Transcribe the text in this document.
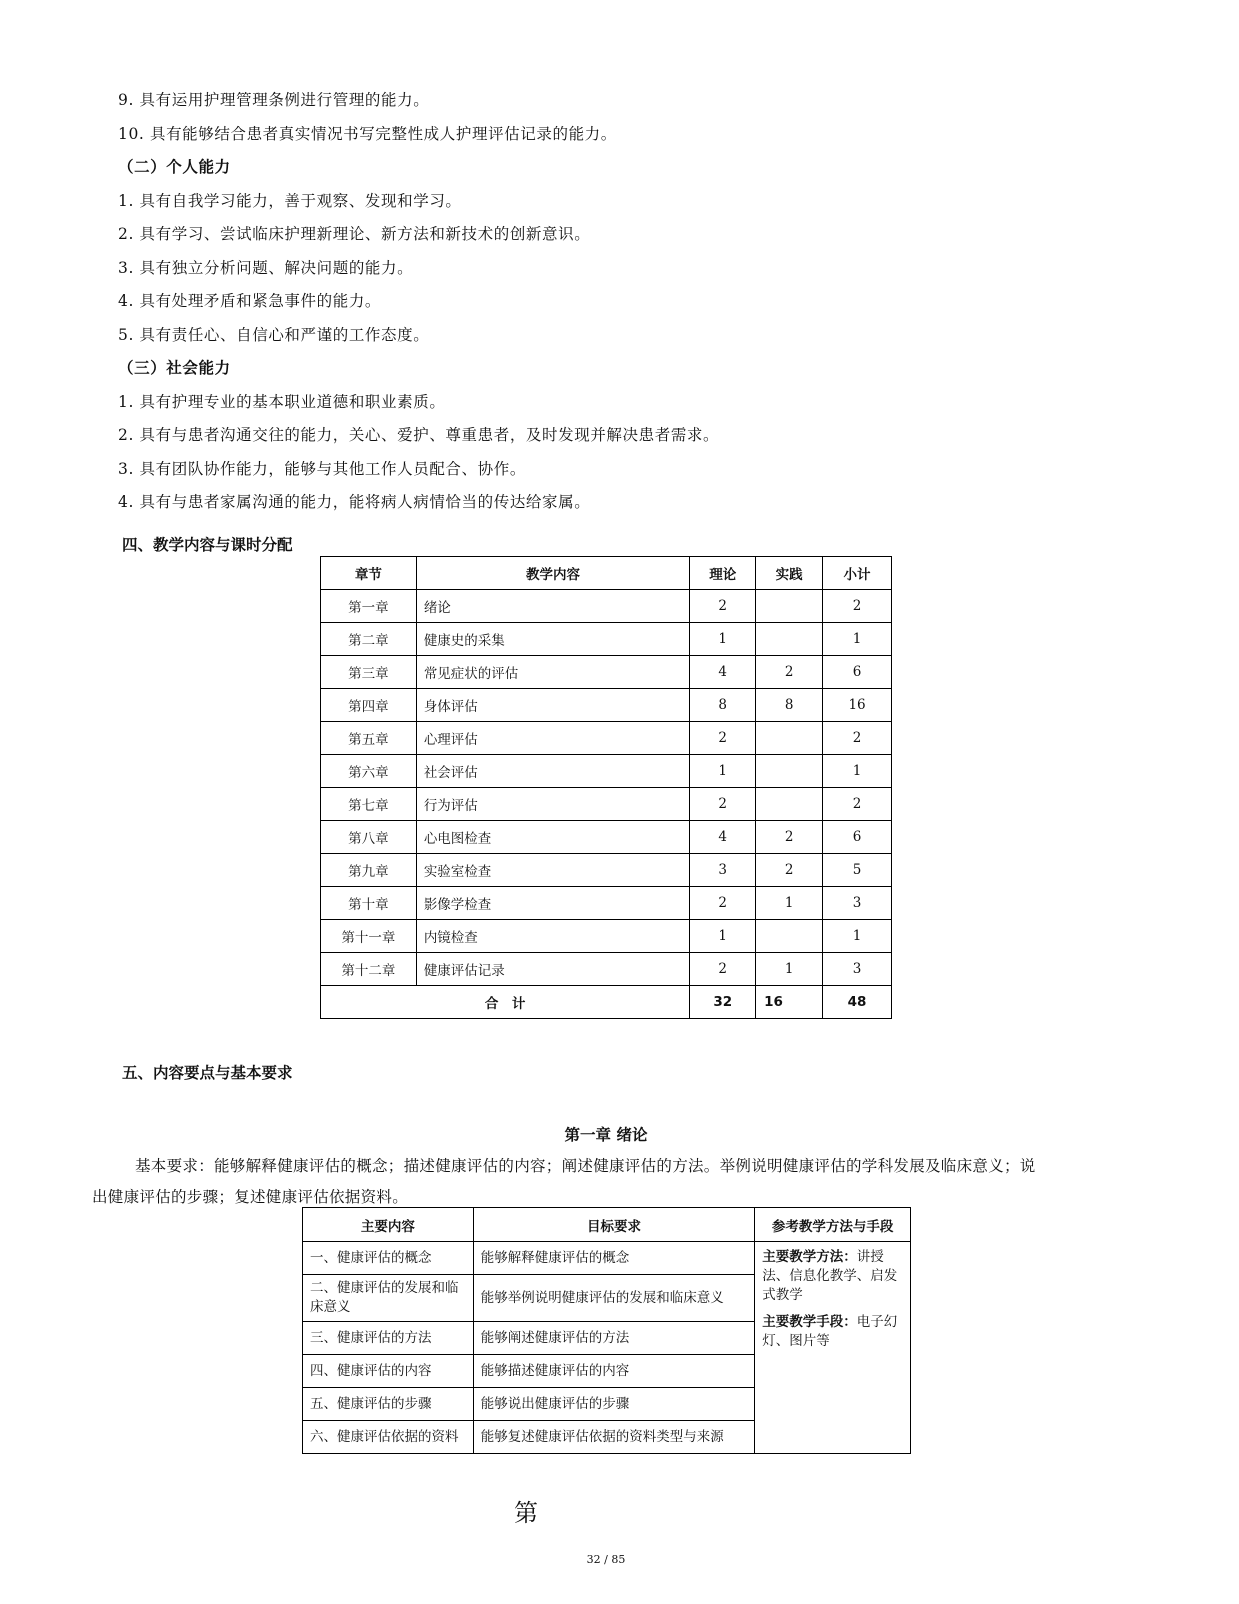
9. 具有运用护理管理条例进行管理的能力。
10. 具有能够结合患者真实情况书写完整性成人护理评估记录的能力。
（二）个人能力
1. 具有自我学习能力，善于观察、发现和学习。
2. 具有学习、尝试临床护理新理论、新方法和新技术的创新意识。
3. 具有独立分析问题、解决问题的能力。
4. 具有处理矛盾和紧急事件的能力。
5. 具有责任心、自信心和严谨的工作态度。
（三）社会能力
1. 具有护理专业的基本职业道德和职业素质。
2. 具有与患者沟通交往的能力，关心、爱护、尊重患者，及时发现并解决患者需求。
3. 具有团队协作能力，能够与其他工作人员配合、协作。
4. 具有与患者家属沟通的能力，能将病人病情恰当的传达给家属。
四、教学内容与课时分配
章节	教学内容	理论	实践	小计
第一章	绪论	2		2
第二章	健康史的采集	1		1
第三章	常见症状的评估	4	2	6
第四章	身体评估	8	8	16
第五章	心理评估	2		2
第六章	社会评估	1		1
第七章	行为评估	2		2
第八章	心电图检查	4	2	6
第九章	实验室检查	3	2	5
第十章	影像学检查	2	1	3
第十一章	内镜检查	1		1
第十二章	健康评估记录	2	1	3
合　计		32	16	48
五、内容要点与基本要求
第一章 绪论
基本要求：能够解释健康评估的概念；描述健康评估的内容；阐述健康评估的方法。举例说明健康评估的学科发展及临床意义；说
出健康评估的步骤；复述健康评估依据资料。
主要内容	目标要求	参考教学方法与手段
一、健康评估的概念	能够解释健康评估的概念	主要教学方法：讲授法、信息化教学、启发式教学
主要教学手段：电子幻灯、图片等

二、健康评估的发展和临床意义	能够举例说明健康评估的发展和临床意义	
三、健康评估的方法	能够阐述健康评估的方法	
四、健康评估的内容	能够描述健康评估的内容	
五、健康评估的步骤	能够说出健康评估的步骤	
六、健康评估依据的资料	能够复述健康评估依据的资料类型与来源	
第
32 / 85
